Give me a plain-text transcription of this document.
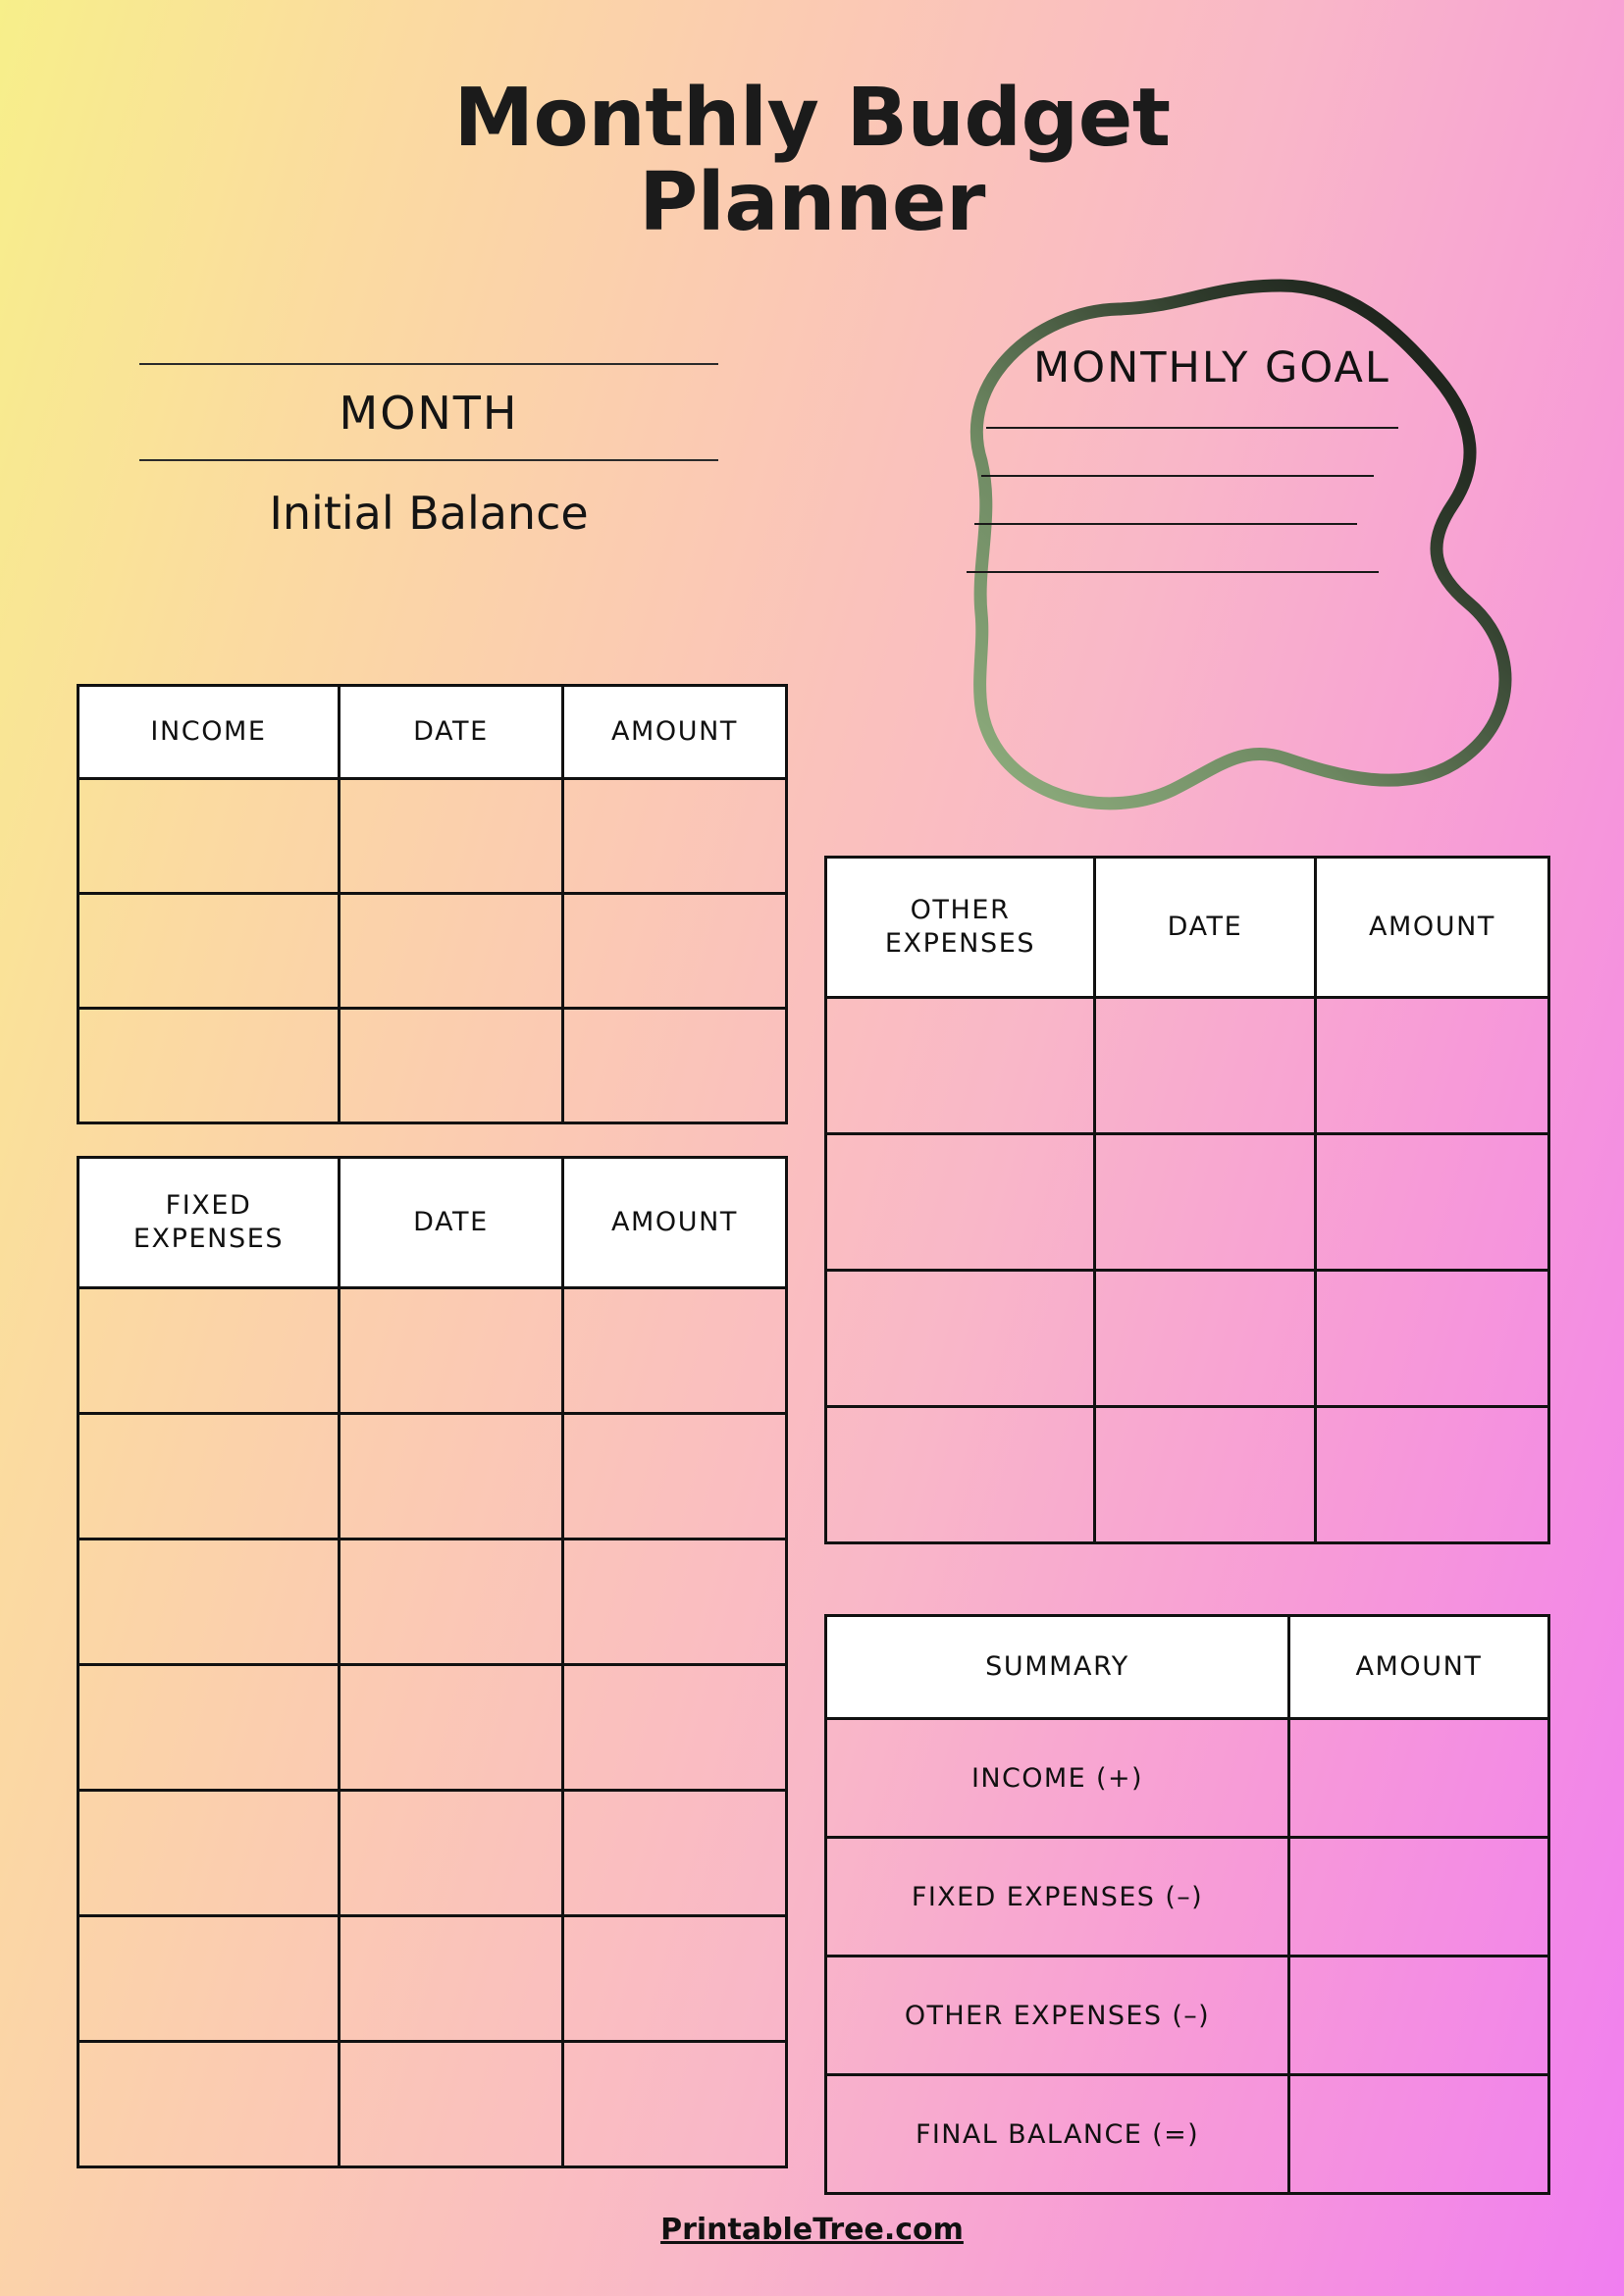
Monthly Budget
Planner
MONTH
Initial Balance
MONTHLY GOAL
INCOME	DATE	AMOUNT

FIXED
EXPENSES	DATE	AMOUNT

OTHER
EXPENSES	DATE	AMOUNT

SUMMARY	AMOUNT
INCOME (+)	
FIXED EXPENSES (–)	
OTHER EXPENSES (–)	
FINAL BALANCE (=)	
PrintableTree.com
